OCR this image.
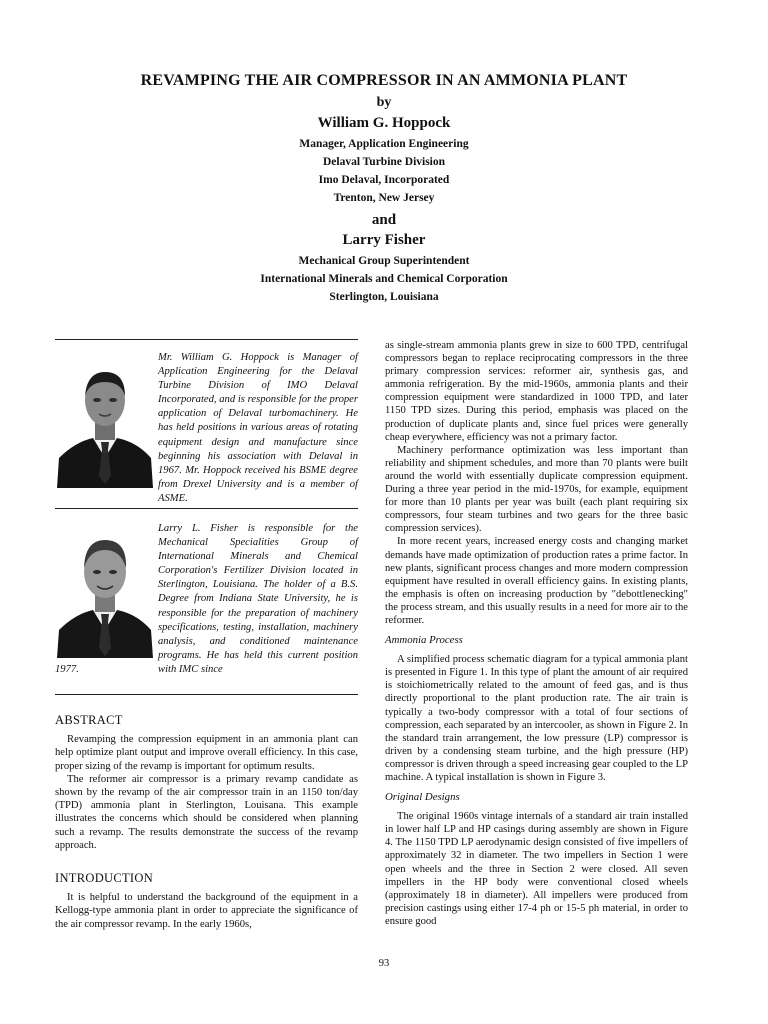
REVAMPING THE AIR COMPRESSOR IN AN AMMONIA PLANT
by
William G. Hoppock
Manager, Application Engineering
Delaval Turbine Division
Imo Delaval, Incorporated
Trenton, New Jersey
and
Larry Fisher
Mechanical Group Superintendent
International Minerals and Chemical Corporation
Sterlington, Louisiana
Mr. William G. Hoppock is Manager of Application Engineering for the Delaval Turbine Division of IMO Delaval Incorporated, and is responsible for the proper application of Delaval turbomachinery. He has held positions in various areas of rotating equipment design and manufacture since beginning his association with Delaval in 1967. Mr. Hoppock received his BSME degree from Drexel University and is a member of ASME.
Larry L. Fisher is responsible for the Mechanical Specialities Group of International Minerals and Chemical Corporation's Fertilizer Division located in Sterlington, Louisiana. The holder of a B.S. Degree from Indiana State University, he is responsible for the preparation of machinery specifications, testing, installation, machinery analysis, and conditioned maintenance programs. He has held this current position with IMC since
1977.
ABSTRACT

Revamping the compression equipment in an ammonia plant can help optimize plant output and improve overall efficiency. In this case, proper sizing of the revamp is important for optimum results.

The reformer air compressor is a primary revamp candidate as shown by the revamp of the air compressor train in an 1150 ton/day (TPD) ammonia plant in Sterlington, Louisana. This example illustrates the concerns which should be considered when planning such a revamp. The results demonstrate the success of the revamp approach.

INTRODUCTION

It is helpful to understand the background of the equipment in a Kellogg-type ammonia plant in order to appreciate the significance of the air compressor revamp. In the early 1960s,

as single-stream ammonia plants grew in size to 600 TPD, centrifugal compressors began to replace reciprocating compressors in the three primary compression services: reformer air, synthesis gas, and ammonia refrigeration. By the mid-1960s, ammonia plants and their compression equipment were standardized in 1000 TPD, and later 1150 TPD sizes. During this period, emphasis was placed on the production of duplicate plants and, since fuel prices were generally cheap everywhere, efficiency was not a primary factor.

Machinery performance optimization was less important than reliability and shipment schedules, and more than 70 plants were built around the world with essentially duplicate compression equipment. During a three year period in the mid-1970s, for example, equipment for more than 10 plants per year was built (each plant requiring six compressors, four steam turbines and two gears for the three basic compression services).

In more recent years, increased energy costs and changing market demands have made optimization of production rates a prime factor. In new plants, significant process changes and more modern compression equipment have resulted in overall efficiency gains. In existing plants, the emphasis is often on increasing production by "debottlenecking" the process stream, and this usually results in a need for more air to the reformer.

Ammonia Process

A simplified process schematic diagram for a typical ammonia plant is presented in Figure 1. In this type of plant the amount of air required is stoichiometrically related to the amount of feed gas, and is thus directly proportional to the plant production rate. The air train is typically a two-body compressor with a total of four sections of compression, each separated by an intercooler, as shown in Figure 2. In the standard train arrangement, the low pressure (LP) compressor is driven by a condensing steam turbine, and the high pressure (HP) compressor is driven through a speed increasing gear coupled to the LP machine. A typical installation is shown in Figure 3.

Original Designs

The original 1960s vintage internals of a standard air train installed in lower half LP and HP casings during assembly are shown in Figure 4. The 1150 TPD LP aerodynamic design consisted of five impellers of approximately 32 in diameter. The two impellers in Section 1 were open wheels and the three in Section 2 were closed. All seven impellers in the HP body were conventional closed wheels (approximately 18 in diameter). All impellers were produced from precision castings using either 17-4 ph or 15-5 ph material, in order to ensure good

93
